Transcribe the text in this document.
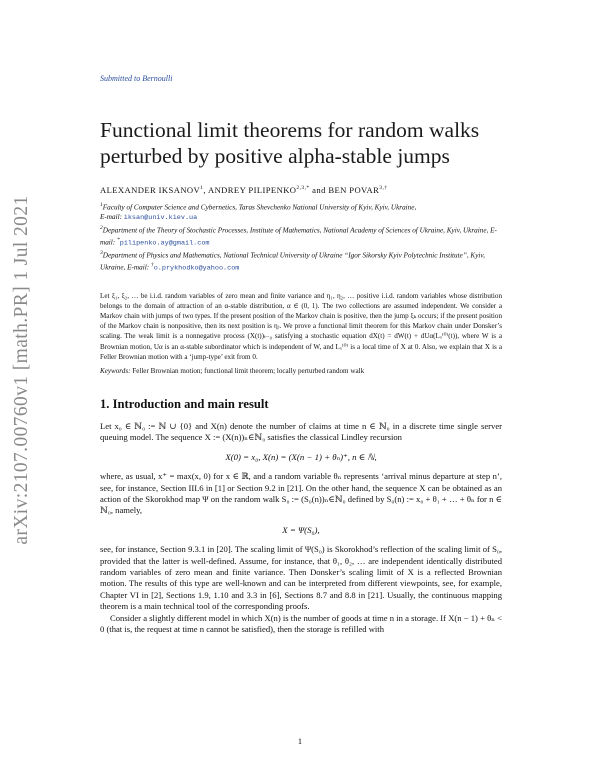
arXiv:2107.00760v1 [math.PR] 1 Jul 2021
Submitted to Bernoulli
Functional limit theorems for random walks
perturbed by positive alpha-stable jumps
ALEXANDER IKSANOV$^1$, ANDREY $PILIPENKO^{2,3,*}$ and BEN $POVAR^{3,\dagger}$
$^1$Faculty of Computer Science and Cybernetics, Taras Shevchenko National University of Kyiv, Kyiv, Ukraine,
E-mail: iksan@univ.kiev.ua
$^2$Department of the Theory of Stochastic Processes, Institute of Mathematics, National Academy of Sciences of Ukraine, Kyiv, Ukraine, E-mail: *pilipenko.ay@gmail.com
$^3$Department of Physics and Mathematics, National Technical University of Ukraine “Igor Sikorsky Kyiv Polytechnic Institute”, Kyiv, Ukraine, E-mail: †o.prykhodko@yahoo.com
Let ξ₁, ξ₂, … be i.i.d. random variables of zero mean and finite variance and η₁, η₂, … positive i.i.d. random variables whose distribution belongs to the domain of attraction of an α-stable distribution, α ∈ (0, 1). The two collections are assumed independent. We consider a Markov chain with jumps of two types. If the present position of the Markov chain is positive, then the jump ξₖ occurs; if the present position of the Markov chain is nonpositive, then its next position is ηⱼ. We prove a functional limit theorem for this Markov chain under Donsker’s scaling. The weak limit is a nonnegative process (X(t))ₜ₋₀ satisfying a stochastic equation dX(t) = dW(t) + dUα(Lₓ⁽⁰⁾(t)), where W is a Brownian motion, Uα is an α-stable subordinator which is independent of W, and Lₓ⁽⁰⁾ is a local time of X at 0. Also, we explain that X is a Feller Brownian motion with a ‘jump-type’ exit from 0.
Keywords: Feller Brownian motion; functional limit theorem; locally perturbed random walk
1. Introduction and main result

Let x₀ ∈ ℕ₀ := ℕ ∪ {0} and X(n) denote the number of claims at time n ∈ ℕ₀ in a discrete time single server queuing model. The sequence X := (X(n))ₙ∈ℕ₀ satisfies the classical Lindley recursion

X(0) = x₀, X(n) = (X(n − 1) + θₙ)⁺, n ∈ ℕ,

where, as usual, x⁺ = max(x, 0) for x ∈ ℝ, and a random variable θₙ represents ‘arrival minus departure at step n’, see, for instance, Section III.6 in [1] or Section 9.2 in [21]. On the other hand, the sequence X can be obtained as an action of the Skorokhod map Ψ on the random walk S₀ := (S₀(n))ₙ∈ℕ₀ defined by S₀(n) := x₀ + θ₁ + … + θₙ for n ∈ ℕ₀, namely,

X = Ψ(S₀),

see, for instance, Section 9.3.1 in [20]. The scaling limit of Ψ(S₀) is Skorokhod’s reflection of the scaling limit of S₀, provided that the latter is well-defined. Assume, for instance, that θ₁, θ₂, … are independent identically distributed random variables of zero mean and finite variance. Then Donsker’s scaling limit of X is a reflected Brownian motion. The results of this type are well-known and can be interpreted from different viewpoints, see, for example, Chapter VI in [2], Sections 1.9, 1.10 and 3.3 in [6], Sections 8.7 and 8.8 in [21]. Usually, the continuous mapping theorem is a main technical tool of the corresponding proofs.

Consider a slightly different model in which X(n) is the number of goods at time n in a storage. If X(n − 1) + θₙ < 0 (that is, the request at time n cannot be satisfied), then the storage is refilled with

1
